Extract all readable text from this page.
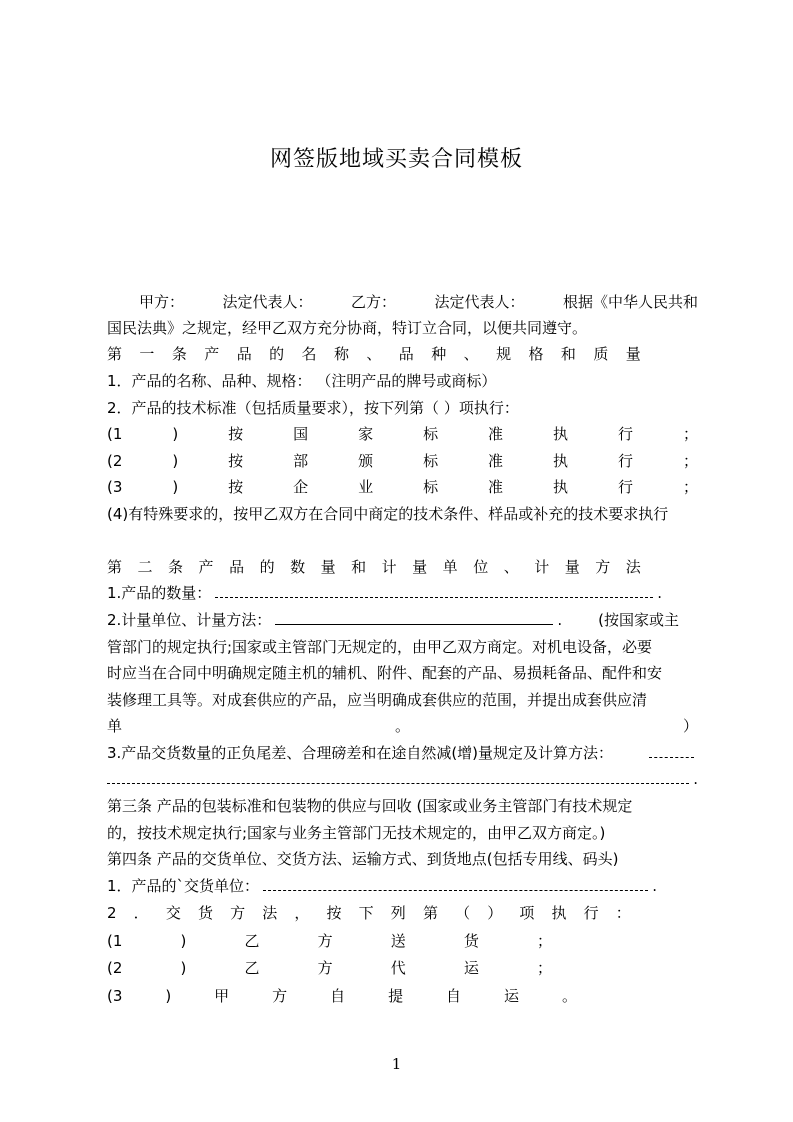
网签版地域买卖合同模板
甲方：	法定代表人：	乙方：	法定代表人：	根据《中华人民共和
国民法典》之规定，经甲乙双方充分协商，特订立合同，以便共同遵守。
第 一 条 产 品 的 名 称 、 品 种 、 规 格 和 质 量
1．产品的名称、品种、规格： （注明产品的牌号或商标）
2．产品的技术标准（包括质量要求），按下列第（ ）项执行：
(1	)	按	国	家	标	准	执	行	；
(2	)	按	部	颁	标	准	执	行	；
(3	)	按	企	业	标	准	执	行	；
(4)有特殊要求的，按甲乙双方在合同中商定的技术条件、样品或补充的技术要求执行
第 二 条 产 品 的 数 量 和 计 量 单 位 、 计 量 方 法
1.产品的数量：	.
2.计量单位、计量方法：	. (按国家或主
管部门的规定执行;国家或主管部门无规定的，由甲乙双方商定。对机电设备，必要
时应当在合同中明确规定随主机的辅机、附件、配套的产品、易损耗备品、配件和安
装修理工具等。对成套供应的产品，应当明确成套供应的范围，并提出成套供应清
单	。	）
3.产品交货数量的正负尾差、合理磅差和在途自然减(增)量规定及计算方法：
.
第三条 产品的包装标准和包装物的供应与回收 (国家或业务主管部门有技术规定
的，按技术规定执行;国家与业务主管部门无技术规定的，由甲乙双方商定。)
第四条 产品的交货单位、交货方法、运输方式、到货地点(包括专用线、码头)
1．产品的`交货单位：	.
2 ． 交 货 方 法 ， 按 下 列 第 （ ） 项 执 行 ：
(1	)	乙	方	送	货	；
(2	)	乙	方	代	运	；
(3	)	甲	方	自	提	自	运	。
1
